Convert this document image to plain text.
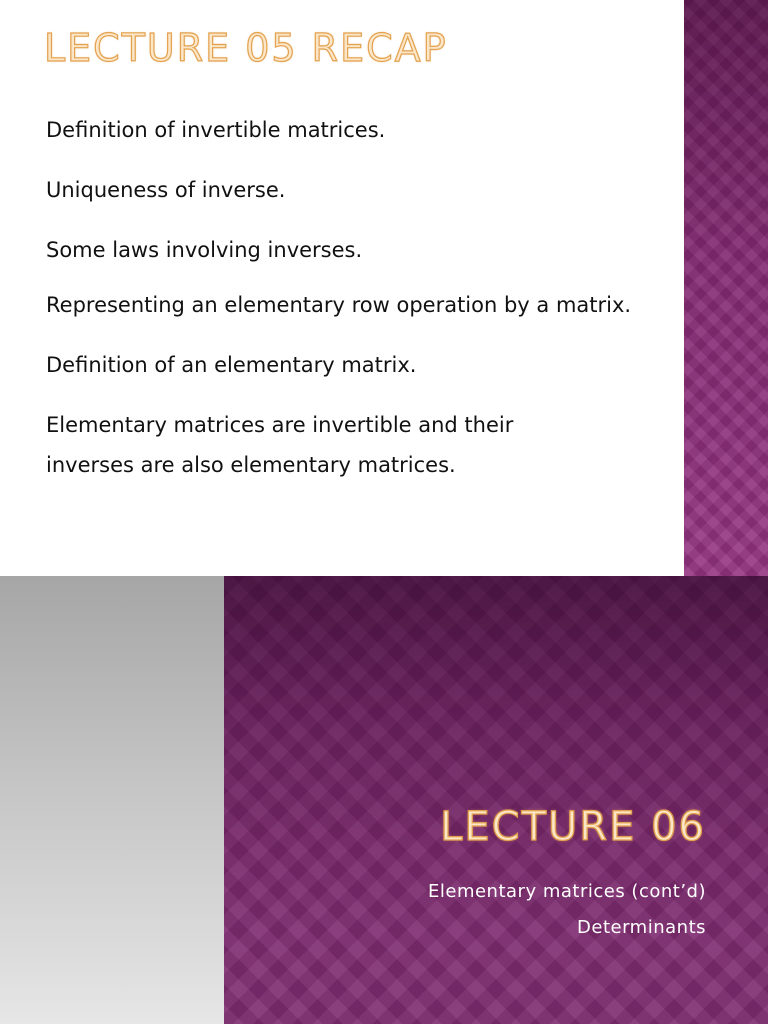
LECTURE 05 RECAP
Definition of invertible matrices.
Uniqueness of inverse.
Some laws involving inverses.
Representing an elementary row operation by a matrix.
Definition of an elementary matrix.
Elementary matrices are invertible and their
inverses are also elementary matrices.
LECTURE 06
Elementary matrices (cont’d)
Determinants
